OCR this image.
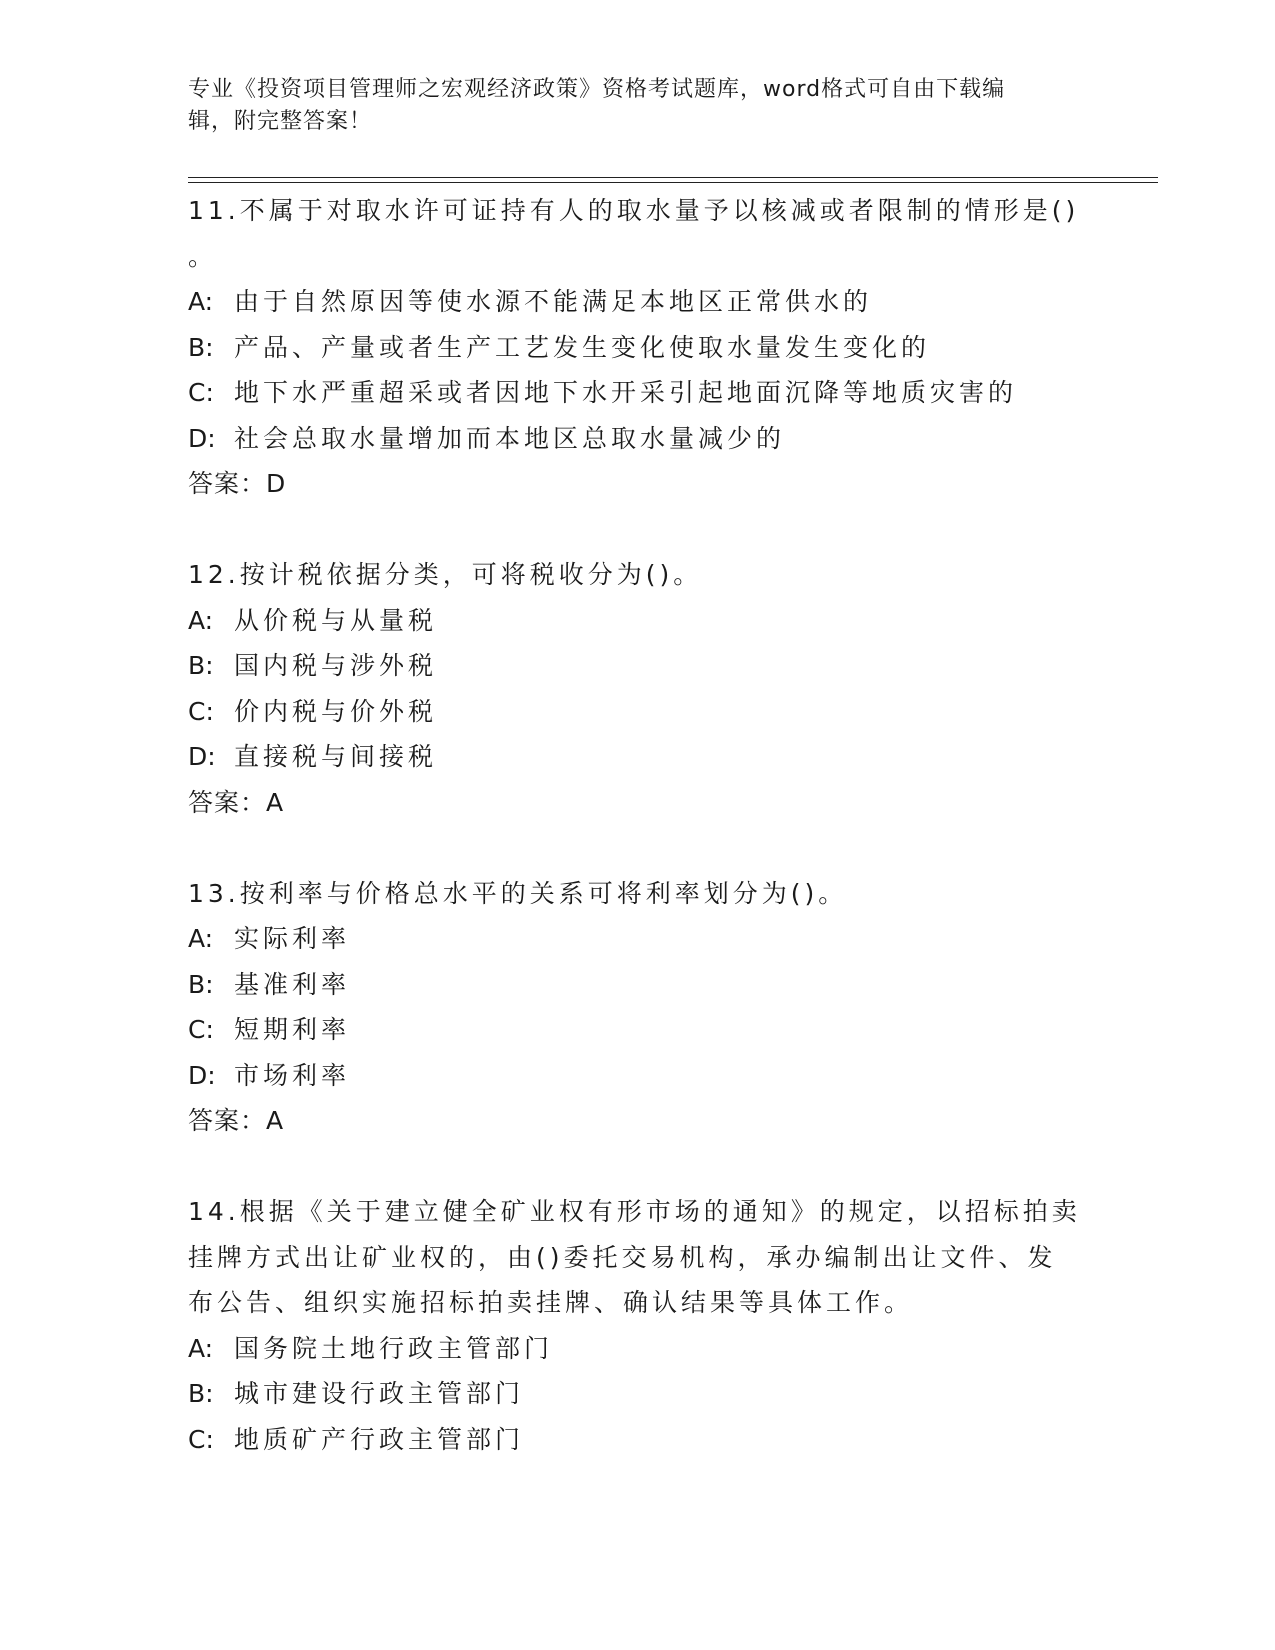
专业《投资项目管理师之宏观经济政策》资格考试题库，word格式可自由下载编
辑，附完整答案！
11.不属于对取水许可证持有人的取水量予以核减或者限制的情形是()
。
A: 由于自然原因等使水源不能满足本地区正常供水的
B: 产品、产量或者生产工艺发生变化使取水量发生变化的
C: 地下水严重超采或者因地下水开采引起地面沉降等地质灾害的
D: 社会总取水量增加而本地区总取水量减少的
答案：D
12.按计税依据分类，可将税收分为()。
A: 从价税与从量税
B: 国内税与涉外税
C: 价内税与价外税
D: 直接税与间接税
答案：A
13.按利率与价格总水平的关系可将利率划分为()。
A: 实际利率
B: 基准利率
C: 短期利率
D: 市场利率
答案：A
14.根据《关于建立健全矿业权有形市场的通知》的规定，以招标拍卖
挂牌方式出让矿业权的，由()委托交易机构，承办编制出让文件、发
布公告、组织实施招标拍卖挂牌、确认结果等具体工作。
A: 国务院土地行政主管部门
B: 城市建设行政主管部门
C: 地质矿产行政主管部门
